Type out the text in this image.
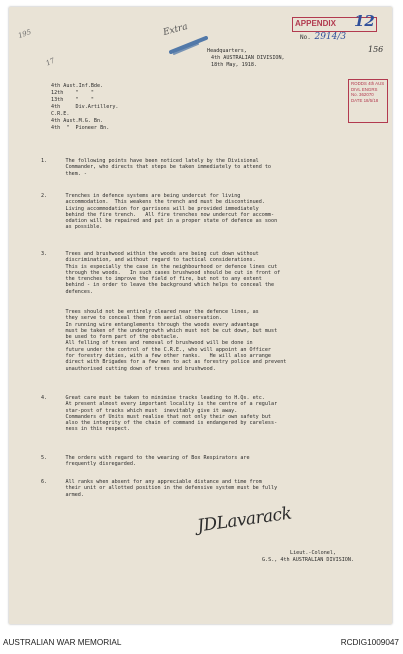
195
17
Extra	APPENDIX 12
No. 2914/3
156
RODDS 4th AUS
DIVL ENGRS
No. 362070
DATE 18/5/18
Headquarters,
4th AUSTRALIAN DIVISION,
18th May, 1918.
4th Aust.Inf.Bde.
12th    "    "
13th    "    "
4th     Div.Artillery.
C.R.E.
4th Aust.M.G. Bn.
4th  "  Pioneer Bn.
1.      The following points have been noticed lately by the Divisional
Commander, who directs that steps be taken immediately to attend to
them. -
2.      Trenches in defence systems are being undercut for living
accommodation.  This weakens the trench and must be discontinued.
Living accommodation for garrisons will be provided immediately
behind the fire trench.   All fire trenches now undercut for accomm-
odation will be repaired and put in a proper state of defence as soon
as possible.
3.      Trees and brushwood within the woods are being cut down without
discrimination, and without regard to tactical considerations.
This is especially the case in the neighbourhood or defence lines cut
through the woods.   In such cases brushwood should be cut in front of
the trenches to improve the field of fire, but not to any extent
behind - in order to leave the background which helps to conceal the
defences.
Trees should not be entirely cleared near the defence lines, as
they serve to conceal them from aerial observation.
In running wire entanglements through the woods every advantage
must be taken of the undergrowth which must not be cut down, but must
be used to form part of the obstacle.
All felling of trees and removal of brushwood will be done in
future under the control of the C.R.E., who will appoint an Officer
for forestry duties, with a few other ranks.   He will also arrange
direct with Brigades for a few men to act as forestry police and prevent
unauthorised cutting down of trees and brushwood.
4.      Great care must be taken to minimise tracks leading to H.Qs. etc.
At present almost every important locality is the centre of a regular
star-post of tracks which must  inevitably give it away.
Commanders of Units must realise that not only their own safety but
also the integrity of the chain of command is endangered by careless-
ness in this respect.
5.      The orders with regard to the wearing of Box Respirators are
frequently disregarded.
6.      All ranks when absent for any appreciable distance and time from
their unit or allotted position in the defensive system must be fully
armed.
JDLavarack
Lieut.-Colonel,
G.S., 4th AUSTRALIAN DIVISION.
AUSTRALIAN WAR MEMORIAL	RCDIG1009047
